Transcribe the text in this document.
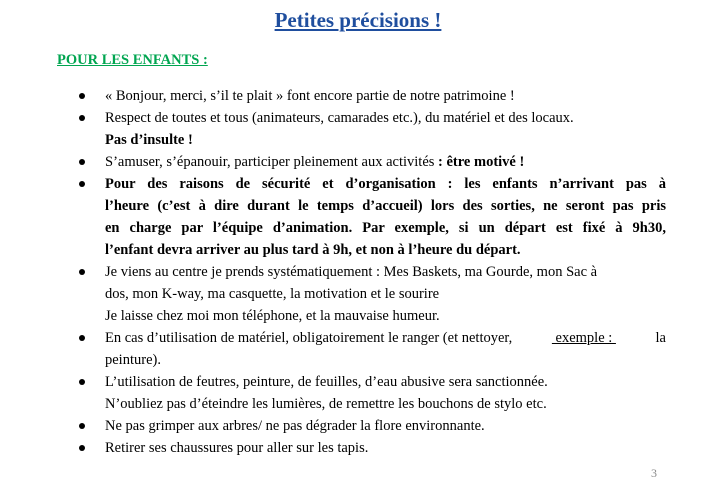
Petites précisions !
POUR LES ENFANTS :
« Bonjour, merci, s’il te plait » font encore partie de notre patrimoine !
Respect de toutes et tous (animateurs, camarades etc.), du matériel et des locaux.
Pas d’insulte !
S’amuser, s’épanouir, participer pleinement aux activités : être motivé !
Pour des raisons de sécurité et d’organisation : les enfants n’arrivant pas à
l’heure (c’est à dire durant le temps d’accueil) lors des sorties, ne seront pas pris
en charge par l’équipe d’animation. Par exemple, si un départ est fixé à 9h30,
l’enfant devra arriver au plus tard à 9h, et non à l’heure du départ.
Je viens au centre je prends systématiquement : Mes Baskets, ma Gourde, mon Sac à
dos, mon K-way, ma casquette, la motivation et le sourire
Je laisse chez moi mon téléphone, et la mauvaise humeur.
En cas d’utilisation de matériel, obligatoirement le ranger (et nettoyer,	exemple :	la
peinture).
L’utilisation de feutres, peinture, de feuilles, d’eau abusive sera sanctionnée.
N’oubliez pas d’éteindre les lumières, de remettre les bouchons de stylo etc.
Ne pas grimper aux arbres/ ne pas dégrader la flore environnante.
Retirer ses chaussures pour aller sur les tapis.
3
